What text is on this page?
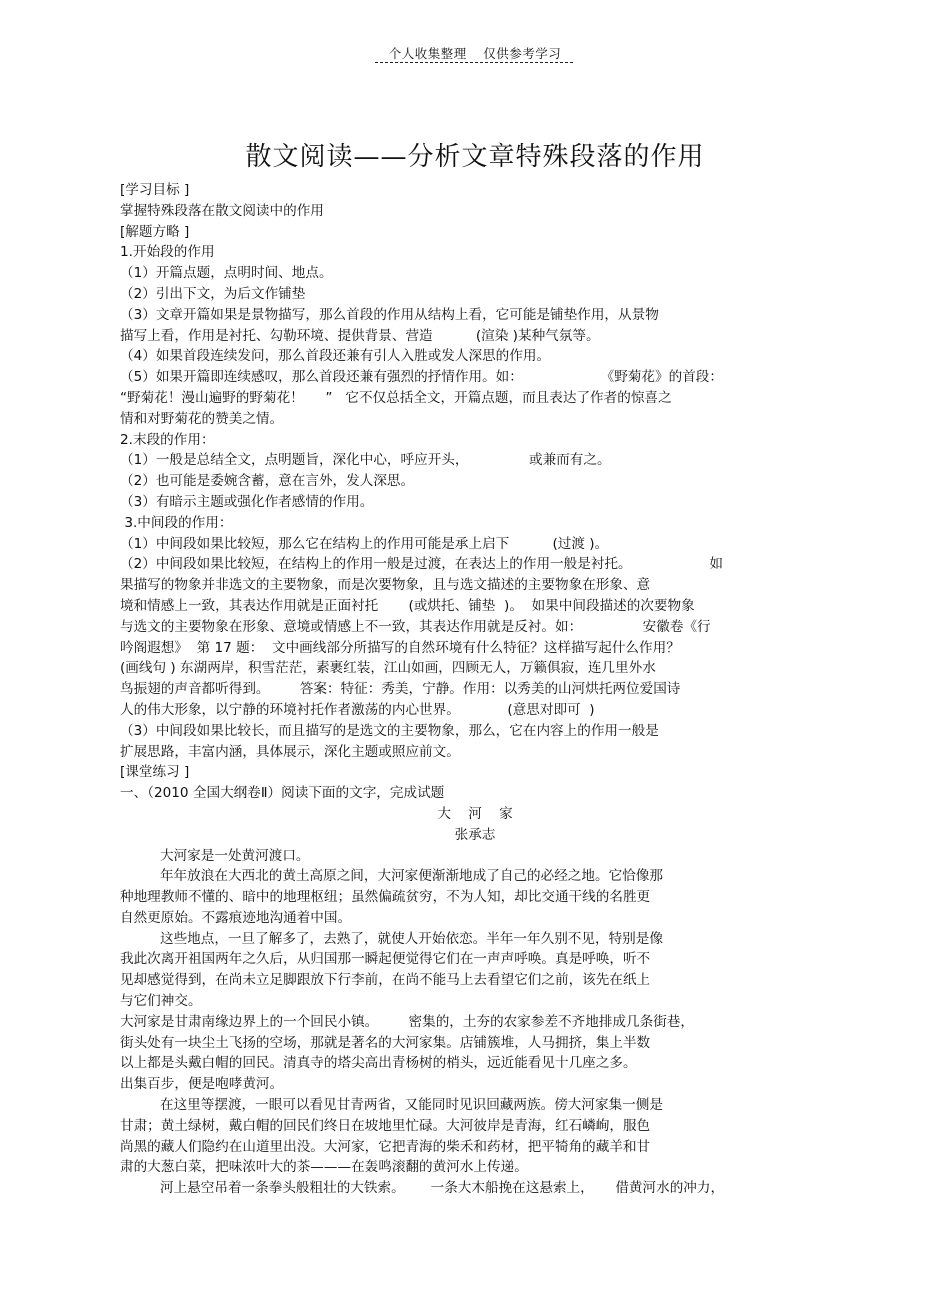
个人收集整理 仅供参考学习
散文阅读——分析文章特殊段落的作用
[学习目标 ]
掌握特殊段落在散文阅读中的作用
[解题方略 ]
1.开始段的作用
（1）开篇点题，点明时间、地点。
（2）引出下文，为后文作铺垫
（3）文章开篇如果是景物描写，那么首段的作用从结构上看，它可能是铺垫作用，从景物
描写上看，作用是衬托、勾勒环境、提供背景、营造          (渲染 )某种气氛等。
（4）如果首段连续发问，那么首段还兼有引人入胜或发人深思的作用。
（5）如果开篇即连续感叹，那么首段还兼有强烈的抒情作用。如：                  《野菊花》的首段：
“野菊花！漫山遍野的野菊花！     ”   它不仅总括全文，开篇点题，而且表达了作者的惊喜之
情和对野菊花的赞美之情。
2.末段的作用：
（1）一般是总结全文，点明题旨，深化中心，呼应开头，              或兼而有之。
（2）也可能是委婉含蓄，意在言外，发人深思。
（3）有暗示主题或强化作者感情的作用。
3.中间段的作用：
（1）中间段如果比较短，那么它在结构上的作用可能是承上启下          (过渡 )。
（2）中间段如果比较短，在结构上的作用一般是过渡，在表达上的作用一般是衬托。                  如
果描写的物象并非选文的主要物象，而是次要物象，且与选文描述的主要物象在形象、意
境和情感上一致，其表达作用就是正面衬托       (或烘托、铺垫  )。  如果中间段描述的次要物象
与选文的主要物象在形象、意境或情感上不一致，其表达作用就是反衬。如：              安徽卷《行
吟阁遐想》  第 17 题：  文中画线部分所描写的自然环境有什么特征？这样描写起什么作用？
(画线句 ) 东湖两岸，积雪茫茫，素裹红装，江山如画，四顾无人，万籁俱寂，连几里外水
鸟振翅的声音都听得到。       答案：特征：秀美，宁静。作用：以秀美的山河烘托两位爱国诗
人的伟大形象，以宁静的环境衬托作者激荡的内心世界。           (意思对即可  )
（3）中间段如果比较长，而且描写的是选文的主要物象，那么，它在内容上的作用一般是
扩展思路，丰富内涵，具体展示，深化主题或照应前文。
[课堂练习 ]
一、（2010 全国大纲卷Ⅱ）阅读下面的文字，完成试题
大    河    家
张承志
大河家是一处黄河渡口。
年年放浪在大西北的黄土高原之间，大河家便渐渐地成了自己的必经之地。它恰像那
种地理教师不懂的、暗中的地理枢纽；虽然偏疏贫穷，不为人知，却比交通干线的名胜更
自然更原始。不露痕迹地沟通着中国。
这些地点，一旦了解多了，去熟了，就使人开始依恋。半年一年久别不见，特别是像
我此次离开祖国两年之久后，从归国那一瞬起便觉得它们在一声声呼唤。真是呼唤，听不
见却感觉得到，在尚未立足脚跟放下行李前，在尚不能马上去看望它们之前，该先在纸上
与它们神交。
大河家是甘肃南缘边界上的一个回民小镇。       密集的，土夯的农家参差不齐地排成几条街巷，
街头处有一块尘土飞扬的空场，那就是著名的大河家集。店铺簇堆，人马拥挤，集上半数
以上都是头戴白帽的回民。清真寺的塔尖高出青杨树的梢头，远近能看见十几座之多。
出集百步，便是咆哮黄河。
在这里等摆渡，一眼可以看见甘青两省，又能同时见识回藏两族。傍大河家集一侧是
甘肃；黄土绿树，戴白帽的回民们终日在坡地里忙碌。大河彼岸是青海，红石嶙峋，服色
尚黑的藏人们隐约在山道里出没。大河家，它把青海的柴禾和药材，把平犄角的藏羊和甘
肃的大葱白菜，把味浓叶大的茶———在轰鸣滚翻的黄河水上传递。
河上悬空吊着一条拳头般粗壮的大铁索。      一条大木船挽在这悬索上，     借黄河水的冲力，
